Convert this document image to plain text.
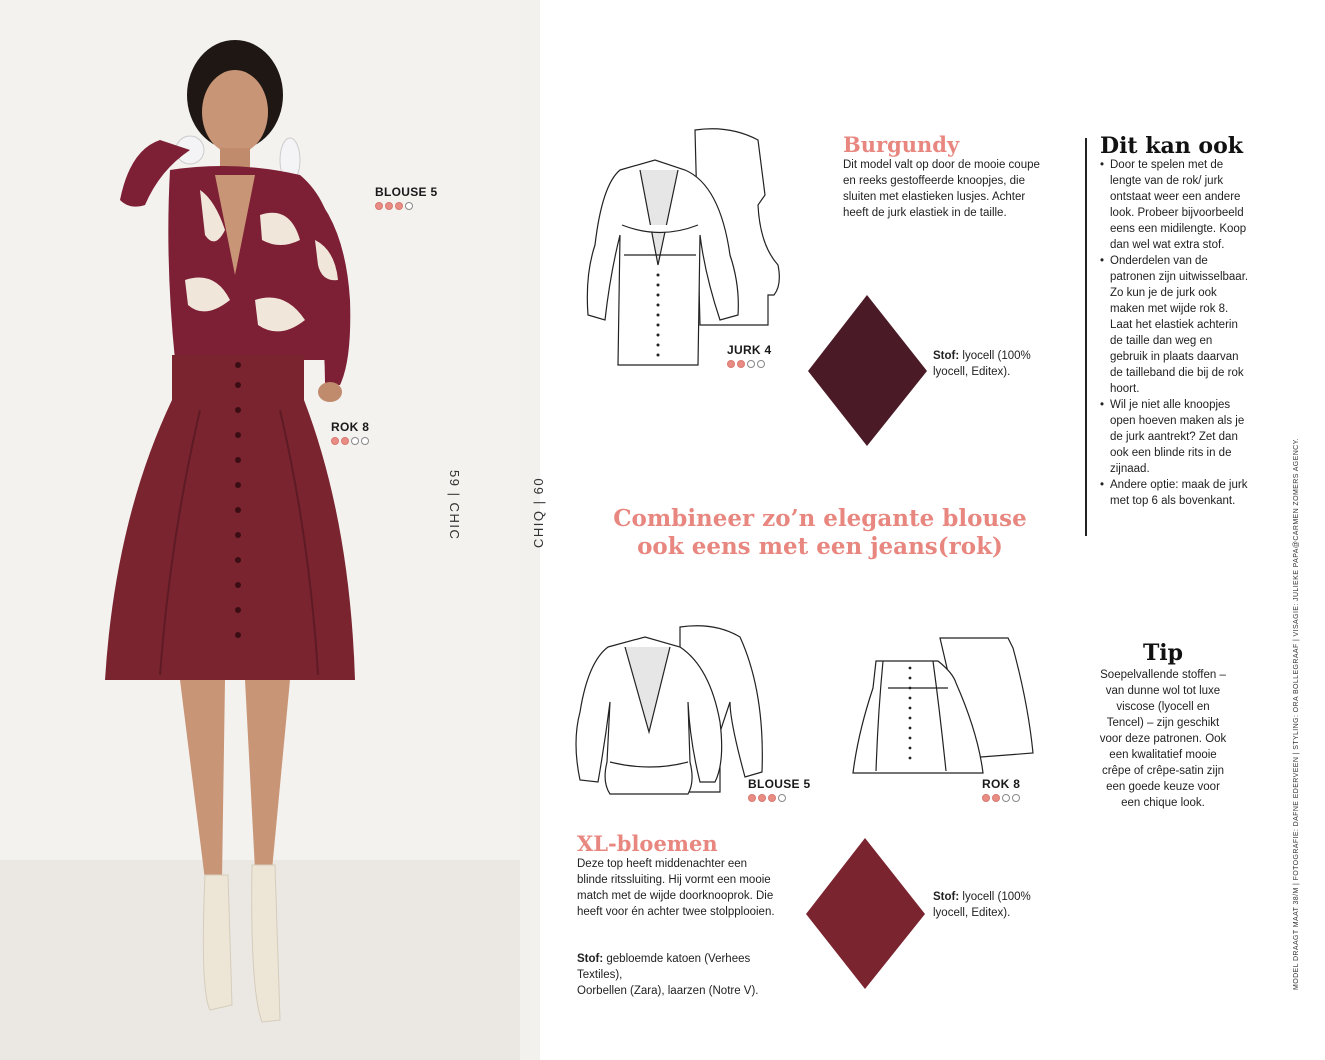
BLOUSE 5
ROK 8
59 | CHIC	CHIQ | 60
JURK 4
Burgundy
Dit model valt op door de mooie coupe en reeks gestoffeerde knoopjes, die sluiten met elastieken lusjes. Achter heeft de jurk elastiek in de taille.
Stof: lyocell (100% lyocell, Editex).
Dit kan ook
• Door te spelen met de lengte van de rok/ jurk ontstaat weer een andere look. Probeer bijvoorbeeld eens een midilengte. Koop dan wel wat extra stof.
• Onderdelen van de patronen zijn uitwisselbaar. Zo kun je de jurk ook maken met wijde rok 8. Laat het elastiek achterin de taille dan weg en gebruik in plaats daarvan de tailleband die bij de rok hoort.
• Wil je niet alle knoopjes open hoeven maken als je de jurk aantrekt? Zet dan ook een blinde rits in de zijnaad.
• Andere optie: maak de jurk met top 6 als bovenkant.
Combineer zo’n elegante blouse
ook eens met een jeans(rok)
BLOUSE 5	ROK 8
Tip
Soepelvallende stoffen – van dunne wol tot luxe viscose (lyocell en Tencel) – zijn geschikt voor deze patronen. Ook een kwalitatief mooie crêpe of crêpe-satin zijn een goede keuze voor een chique look.
XL-bloemen
Deze top heeft middenachter een blinde ritssluiting. Hij vormt een mooie match met de wijde doorknooprok. Die heeft voor én achter twee stolpplooien.
Stof: gebloemde katoen (Verhees Textiles),
Oorbellen (Zara), laarzen (Notre V).
Stof: lyocell (100% lyocell, Editex).	MODEL DRAAGT MAAT 38/M | FOTOGRAFIE: DAFNE EDERVEEN | STYLING: ORA BOLLEGRAAF | VISAGIE: JULIEKE PAPA@CARMEN ZOMERS AGENCY.
